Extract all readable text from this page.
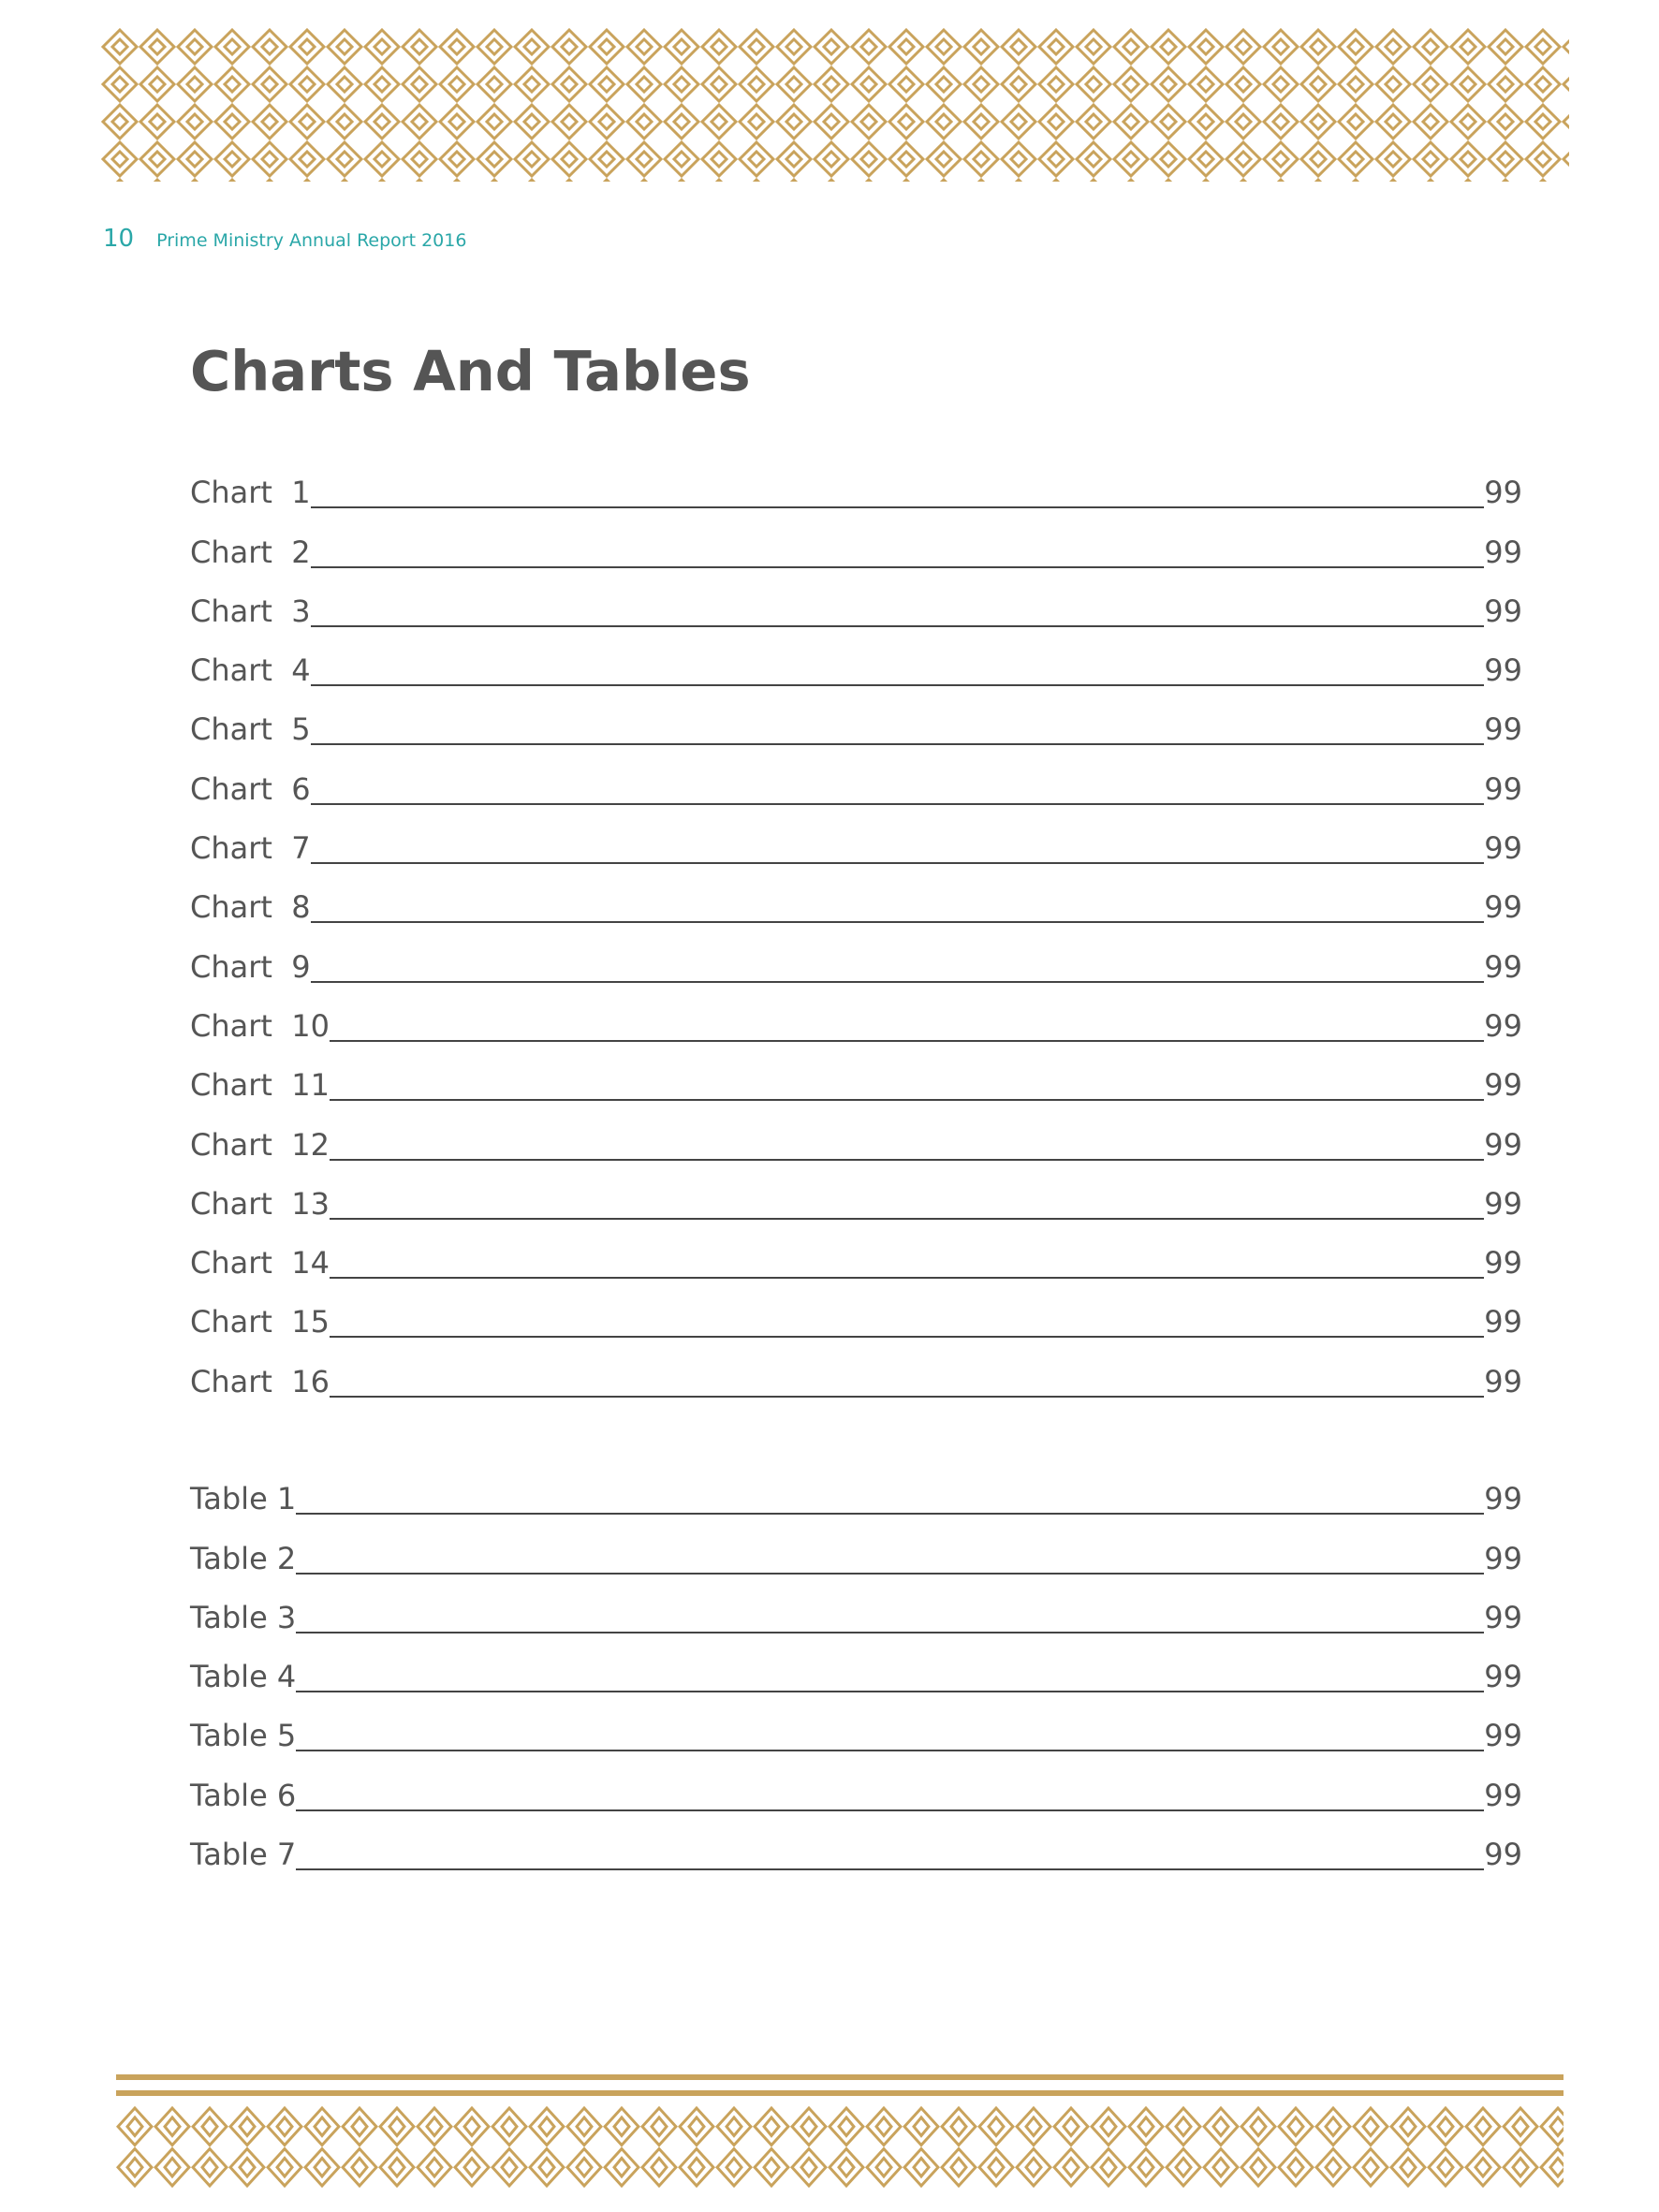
10 Prime Ministry Annual Report 2016
Charts And Tables
Chart  1	99
Chart  2	99
Chart  3	99
Chart  4	99
Chart  5	99
Chart  6	99
Chart  7	99
Chart  8	99
Chart  9	99
Chart  10	99
Chart  11	99
Chart  12	99
Chart  13	99
Chart  14	99
Chart  15	99
Chart  16	99
Table 1	99
Table 2	99
Table 3	99
Table 4	99
Table 5	99
Table 6	99
Table 7	99
